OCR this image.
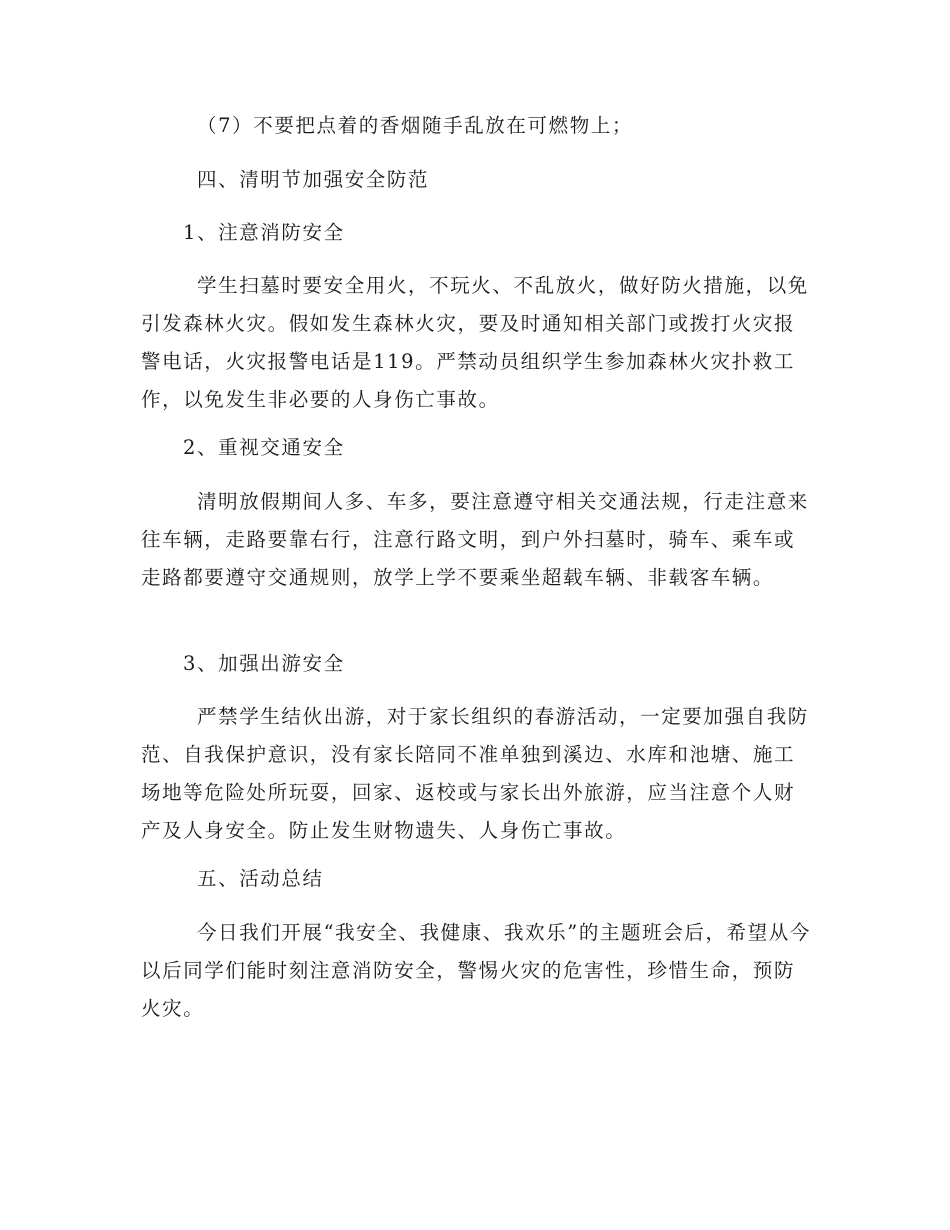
（7）不要把点着的香烟随手乱放在可燃物上；

四、清明节加强安全防范

1、注意消防安全

学生扫墓时要安全用火，不玩火、不乱放火，做好防火措施，以免引发森林火灾。假如发生森林火灾，要及时通知相关部门或拨打火灾报警电话，火灾报警电话是119。严禁动员组织学生参加森林火灾扑救工作，以免发生非必要的人身伤亡事故。

2、重视交通安全

清明放假期间人多、车多，要注意遵守相关交通法规，行走注意来往车辆，走路要靠右行，注意行路文明，到户外扫墓时，骑车、乘车或走路都要遵守交通规则，放学上学不要乘坐超载车辆、非载客车辆。

3、加强出游安全

严禁学生结伙出游，对于家长组织的春游活动，一定要加强自我防范、自我保护意识，没有家长陪同不准单独到溪边、水库和池塘、施工场地等危险处所玩耍，回家、返校或与家长出外旅游，应当注意个人财产及人身安全。防止发生财物遗失、人身伤亡事故。

五、活动总结

今日我们开展“我安全、我健康、我欢乐”的主题班会后，希望从今以后同学们能时刻注意消防安全，警惕火灾的危害性，珍惜生命，预防火灾。
